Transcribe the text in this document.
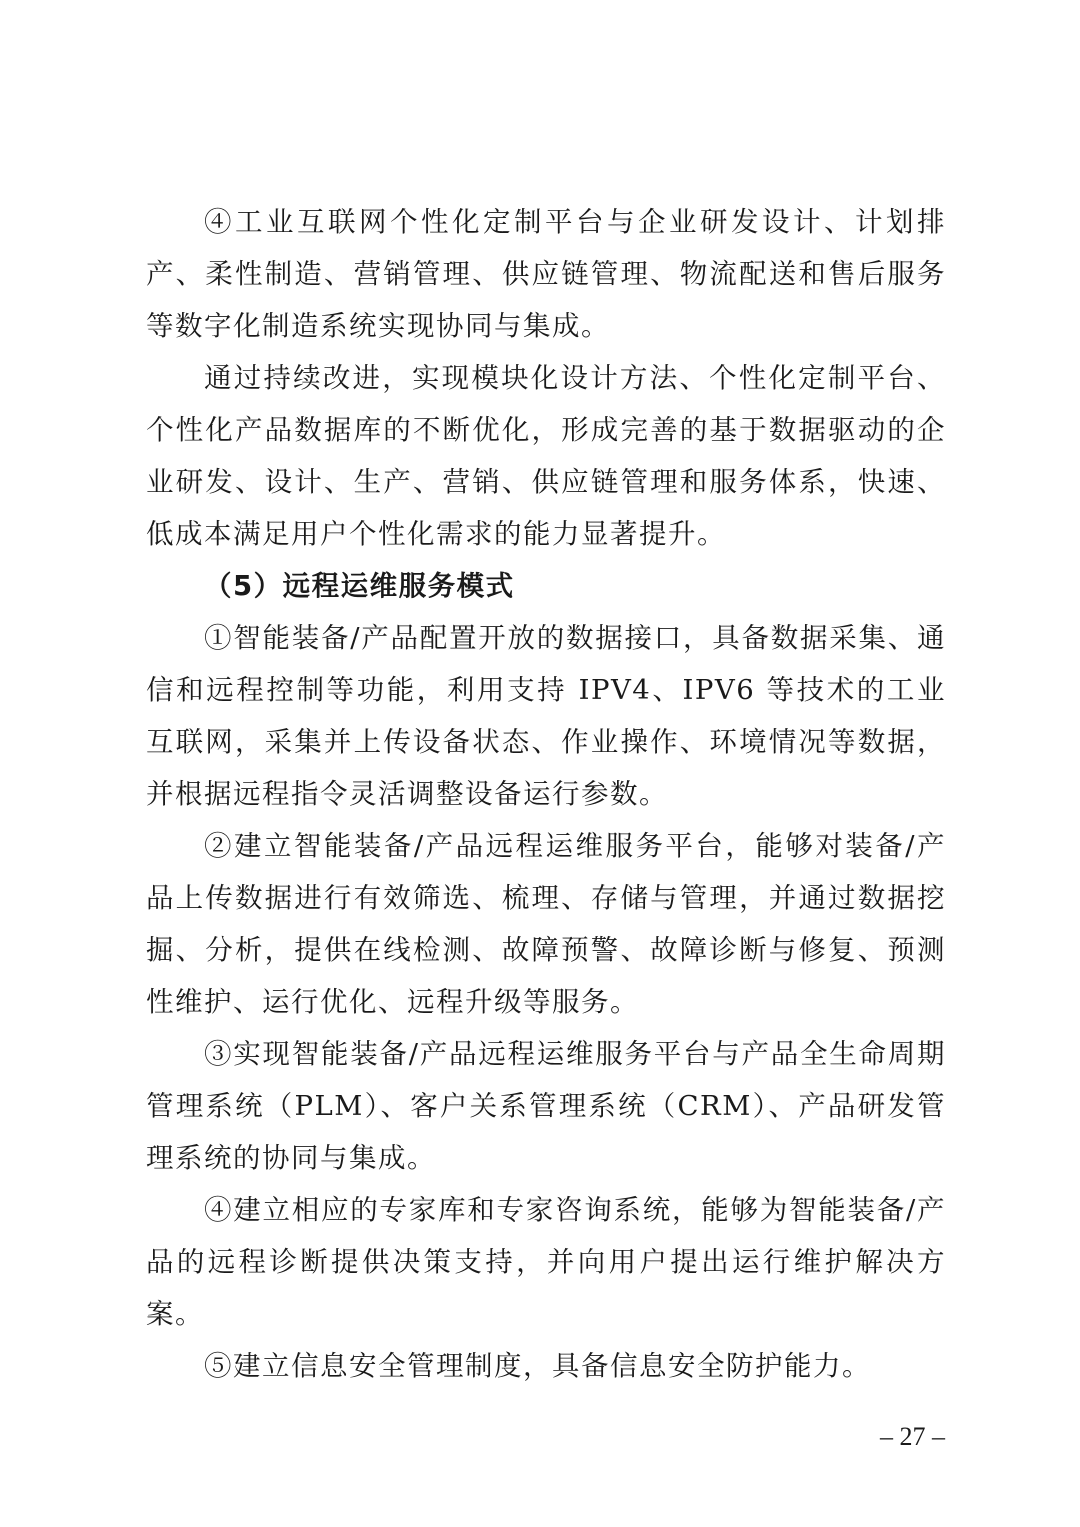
④工业互联网个性化定制平台与企业研发设计、计划排产、柔性制造、营销管理、供应链管理、物流配送和售后服务等数字化制造系统实现协同与集成。

通过持续改进，实现模块化设计方法、个性化定制平台、个性化产品数据库的不断优化，形成完善的基于数据驱动的企业研发、设计、生产、营销、供应链管理和服务体系，快速、低成本满足用户个性化需求的能力显著提升。

（5）远程运维服务模式

①智能装备/产品配置开放的数据接口，具备数据采集、通信和远程控制等功能，利用支持 IPV4、IPV6 等技术的工业互联网，采集并上传设备状态、作业操作、环境情况等数据，并根据远程指令灵活调整设备运行参数。

②建立智能装备/产品远程运维服务平台，能够对装备/产品上传数据进行有效筛选、梳理、存储与管理，并通过数据挖掘、分析，提供在线检测、故障预警、故障诊断与修复、预测性维护、运行优化、远程升级等服务。

③实现智能装备/产品远程运维服务平台与产品全生命周期管理系统（PLM）、客户关系管理系统（CRM）、产品研发管理系统的协同与集成。

④建立相应的专家库和专家咨询系统，能够为智能装备/产品的远程诊断提供决策支持，并向用户提出运行维护解决方案。

⑤建立信息安全管理制度，具备信息安全防护能力。

– 27 –
